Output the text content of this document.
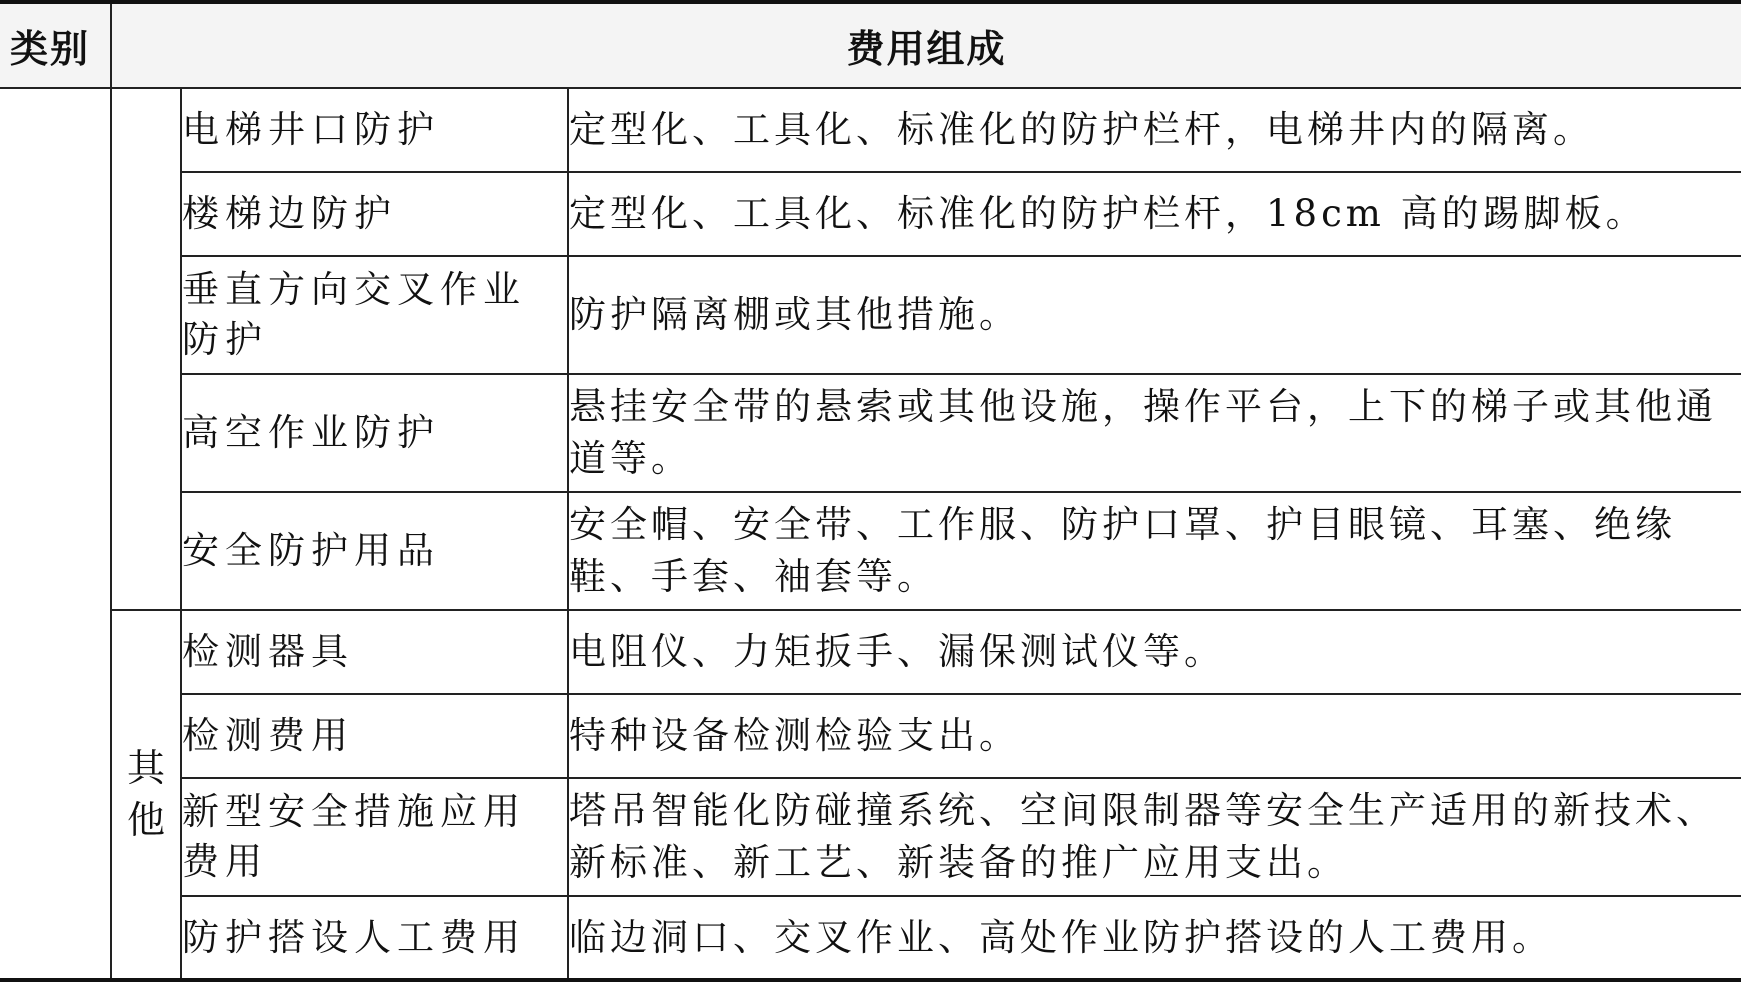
类别	费用组成		
		电梯井口防护	定型化、工具化、标准化的防护栏杆，电梯井内的隔离。
		楼梯边防护	定型化、工具化、标准化的防护栏杆，18cm 高的踢脚板。
		垂直方向交叉作业防护	防护隔离棚或其他措施。
		高空作业防护	悬挂安全带的悬索或其他设施，操作平台，上下的梯子或其他通道等。
		安全防护用品	安全帽、安全带、工作服、防护口罩、护目眼镜、耳塞、绝缘鞋、手套、袖套等。
	其他	检测器具	电阻仪、力矩扳手、漏保测试仪等。
		检测费用	特种设备检测检验支出。
		新型安全措施应用费用	塔吊智能化防碰撞系统、空间限制器等安全生产适用的新技术、新标准、新工艺、新装备的推广应用支出。
		防护搭设人工费用	临边洞口、交叉作业、高处作业防护搭设的人工费用。
